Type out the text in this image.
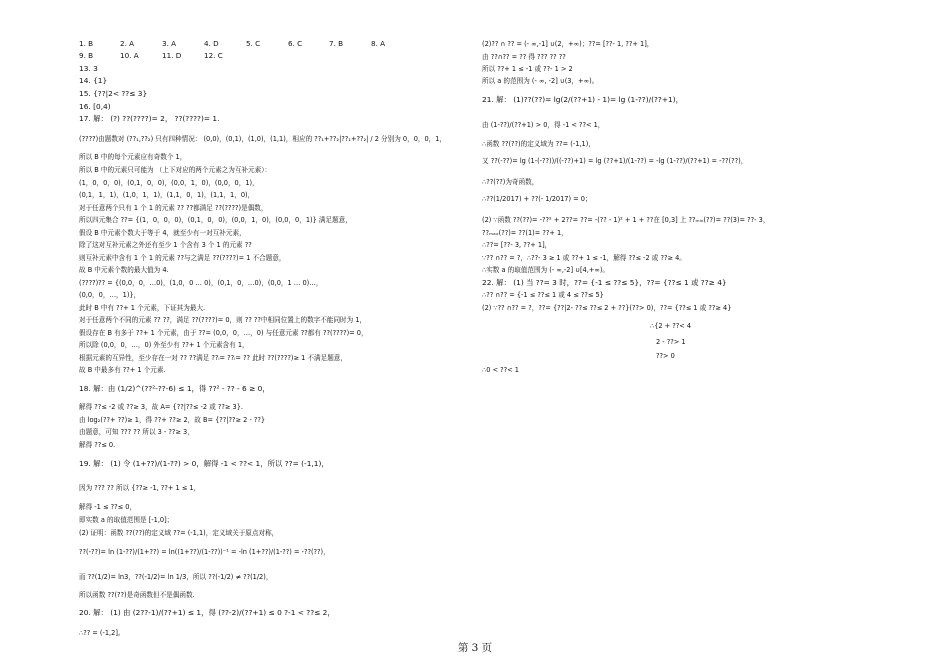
1. B	2. A	3. A	4. D	5. C	6. C	7. B	8. A
9. B	10. A	11. D	12. C
13. 3
14. {1}
15. {??|2< ??≤ 3}
16. [0,4)
17. 解： (?) ??(????)= 2， ??(????)= 1.
(????)由题数对 (??₁,??₂) 只有四种情况： (0,0)，(0,1)，(1,0)，(1,1)，相应的 ??₁+??₂|??₁+??₂| / 2 分别为 0，0，0，1，
所以 B 中的每个元素应有奇数个 1，
所以 B 中的元素只可能为 （上下对应的两个元素之为互补元素）：
(1，0，0，0)，(0,1，0，0)，(0,0，1，0)，(0,0，0，1)，
(0,1，1，1)，(1,0，1，1)，(1,1，0，1)，(1,1，1，0)，
对于任意两个只有 1 个 1 的元素 ?? ??都满足 ??(????)是偶数，
所以四元集合 ??= {(1，0，0，0)，(0,1，0，0)，(0,0，1，0)，(0,0，0，1)} 满足题意，
假设 B 中元素个数大于等于 4，就至少有一对互补元素，
除了这对互补元素之外还有至少 1 个含有 3 个 1 的元素 ??
则互补元素中含有 1 个 1 的元素 ??与之满足 ??(????)= 1 不合题意，
故 B 中元素个数的最大值为 4.
(????)?? = {(0,0，0，…0)，(1,0，0 … 0)，(0,1，0，…0)，(0,0，1 … 0)…，
(0,0，0，…，1)}，
此时 B 中有 ??+ 1 个元素，下证其为最大.
对于任意两个不同的元素 ?? ??，满足 ??(????)= 0，则 ?? ??中相同位置上的数字不能同时为 1，
假设存在 B 有多于 ??+ 1 个元素，由于 ??= (0,0，0，…，0) 与任意元素 ??都有 ??(????)= 0，
所以除 (0,0，0，…，0) 外至少有 ??+ 1 个元素含有 1，
根据元素的互异性，至少存在一对 ?? ??满足 ??ᵢ= ??ᵢ= ?? 此时 ??(????)≥ 1 不满足题意，
故 B 中最多有 ??+ 1 个元素.
18. 解：由 (1/2)^(??²-??-6) ≤ 1，得 ??² - ?? - 6 ≥ 0，
解得 ??≤ -2 或 ??≥ 3，故 A= {??|??≤ -2 或 ??≥ 3}.
由 log₂(??+ ??)≥ 1，得 ??+ ??≥ 2，故 B= {??|??≥ 2 - ??}
由题意，可知 ??? ?? 所以 3 - ??≥ 3，
解得 ??≤ 0.
19. 解： (1) 令 (1+??)/(1-??) > 0，解得 -1 < ??< 1，所以 ??= (-1,1)，
因为 ??? ?? 所以 {??≥ -1, ??+ 1 ≤ 1，
解得 -1 ≤ ??≤ 0，
即实数 a 的取值范围是 [-1,0]；
(2) 证明：函数 ??(??)的定义域 ??= (-1,1)，定义域关于原点对称，
??(-??)= ln (1-??)/(1+??) = ln((1+??)/(1-??))⁻¹ = -ln (1+??)/(1-??) = -??(??)，
而 ??(1/2)= ln3，??(-1/2)= ln 1/3，所以 ??(-1/2) ≠ ??(1/2)，
所以函数 ??(??)是奇函数但不是偶函数.
20. 解： (1) 由 (2??-1)/(??+1) ≤ 1，得 (??-2)/(??+1) ≤ 0 ?-1 < ??≤ 2，
∴?? = (-1,2]。
(2)?? ∩ ?? = (- ∞,-1] ∪(2，+∞)；??= [??- 1, ??+ 1]，
由 ??∩?? = ?? 得 ??? ?? ??
所以 ??+ 1 ≤ -1 或 ??- 1 > 2
所以 a 的范围为 (- ∞, -2] ∪(3，+∞)。
21. 解： (1)??(??)= lg(2/(??+1) - 1)= lg (1-??)/(??+1)，
由 (1-??)/(??+1) > 0，得 -1 < ??< 1，
∴函数 ??(??)的定义域为 ??= (-1,1)，
又 ??(-??)= lg (1-(-??))/((-??)+1) = lg (??+1)/(1-??) = -lg (1-??)/(??+1) = -??(??)，
∴??(??)为奇函数，
∴??(1/2017) + ??(- 1/2017) = 0；
(2) ∵函数 ??(??)= -??² + 2??= ??= -(?? - 1)² + 1 + ??在 [0,3] 上 ??ₘᵢₙ(??)= ??(3)= ??- 3，
??ₘₐₓ(??)= ??(1)= ??+ 1，
∴??= [??- 3, ??+ 1]，
∵?? ∩?? = ?，∴??- 3 ≥ 1 或 ??+ 1 ≤ -1，解得 ??≤ -2 或 ??≥ 4。
∴实数 a 的取值范围为 (- ∞,-2] ∪[4,+∞)。
22. 解： (1) 当 ??= 3 时，??= {-1 ≤ ??≤ 5}，??= {??≤ 1 或 ??≥ 4}
∴?? ∩?? = {-1 ≤ ??≤ 1 或 4 ≤ ??≤ 5}
(2) ∵?? ∩?? = ?，??= {??|2- ??≤ ??≤ 2 + ??}(??> 0)，??= {??≤ 1 或 ??≥ 4}
∴{2 + ??< 4
2 - ??> 1
??> 0
∴0 < ??< 1
第 3 页
